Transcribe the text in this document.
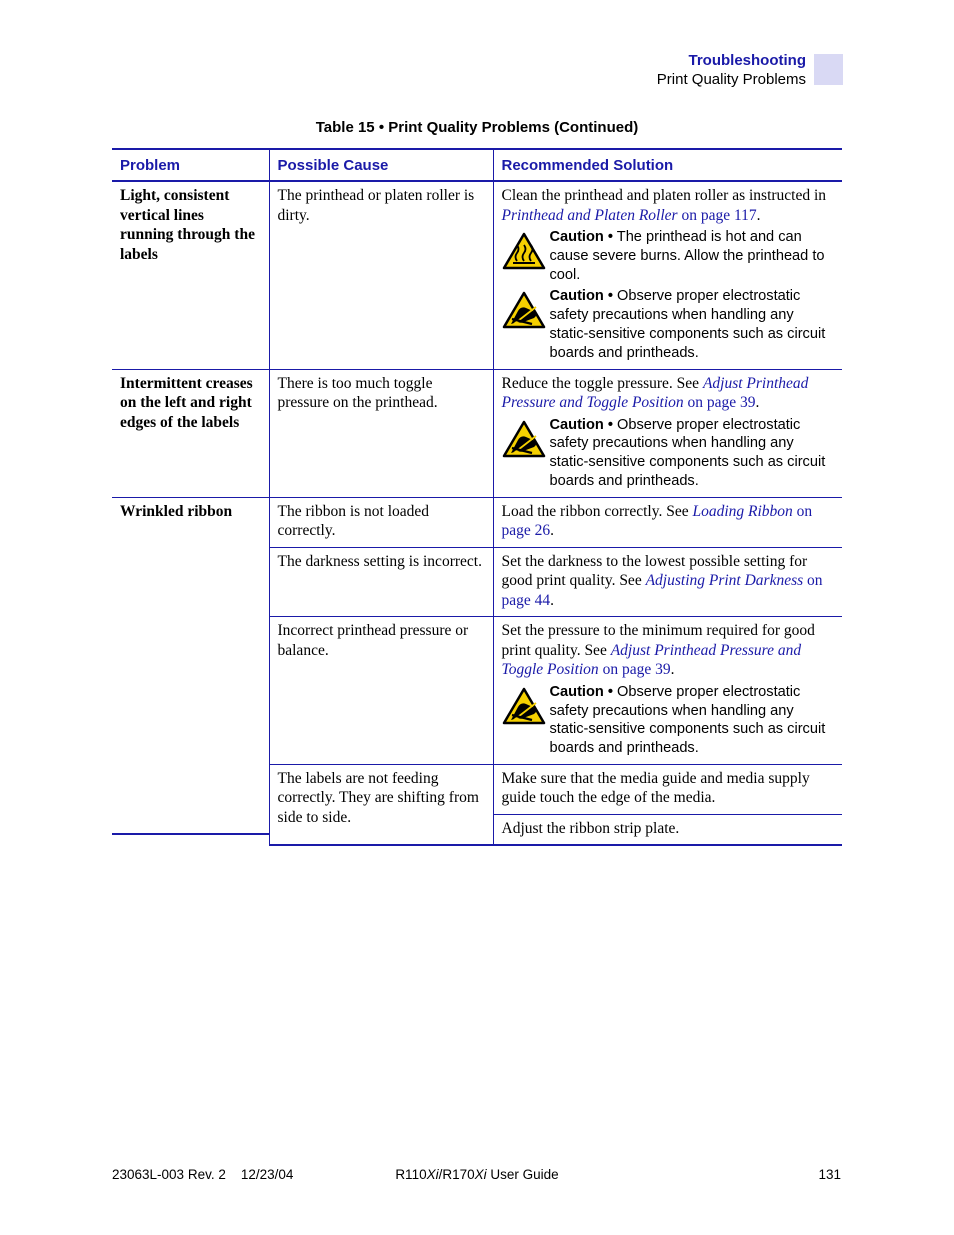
Troubleshooting
Print Quality Problems
Table 15 • Print Quality Problems (Continued)
Problem	Possible Cause	Recommended Solution
Light, consistent vertical lines running through the labels	The printhead or platen roller is dirty.	Clean the printhead and platen roller as instructed in Printhead and Platen Roller on page 117.
Caution • The printhead is hot and can cause severe burns. Allow the printhead to cool.
Caution • Observe proper electrostatic safety precautions when handling any static-sensitive components such as circuit boards and printheads.

Intermittent creases on the left and right edges of the labels	There is too much toggle pressure on the printhead.	Reduce the toggle pressure. See Adjust Printhead Pressure and Toggle Position on page 39.
Caution • Observe proper electrostatic safety precautions when handling any static-sensitive components such as circuit boards and printheads.

Wrinkled ribbon	The ribbon is not loaded correctly.	Load the ribbon correctly. See Loading Ribbon on page 26.
	The darkness setting is incorrect.	Set the darkness to the lowest possible setting for good print quality. See Adjusting Print Darkness on page 44.
	Incorrect printhead pressure or balance.	Set the pressure to the minimum required for good print quality. See Adjust Printhead Pressure and Toggle Position on page 39.
Caution • Observe proper electrostatic safety precautions when handling any static-sensitive components such as circuit boards and printheads.

	The labels are not feeding correctly. They are shifting from side to side.	Make sure that the media guide and media supply guide touch the edge of the media.
		Adjust the ribbon strip plate.
23063L-003 Rev. 2 12/23/04	R110Xi/R170Xi User Guide	131
